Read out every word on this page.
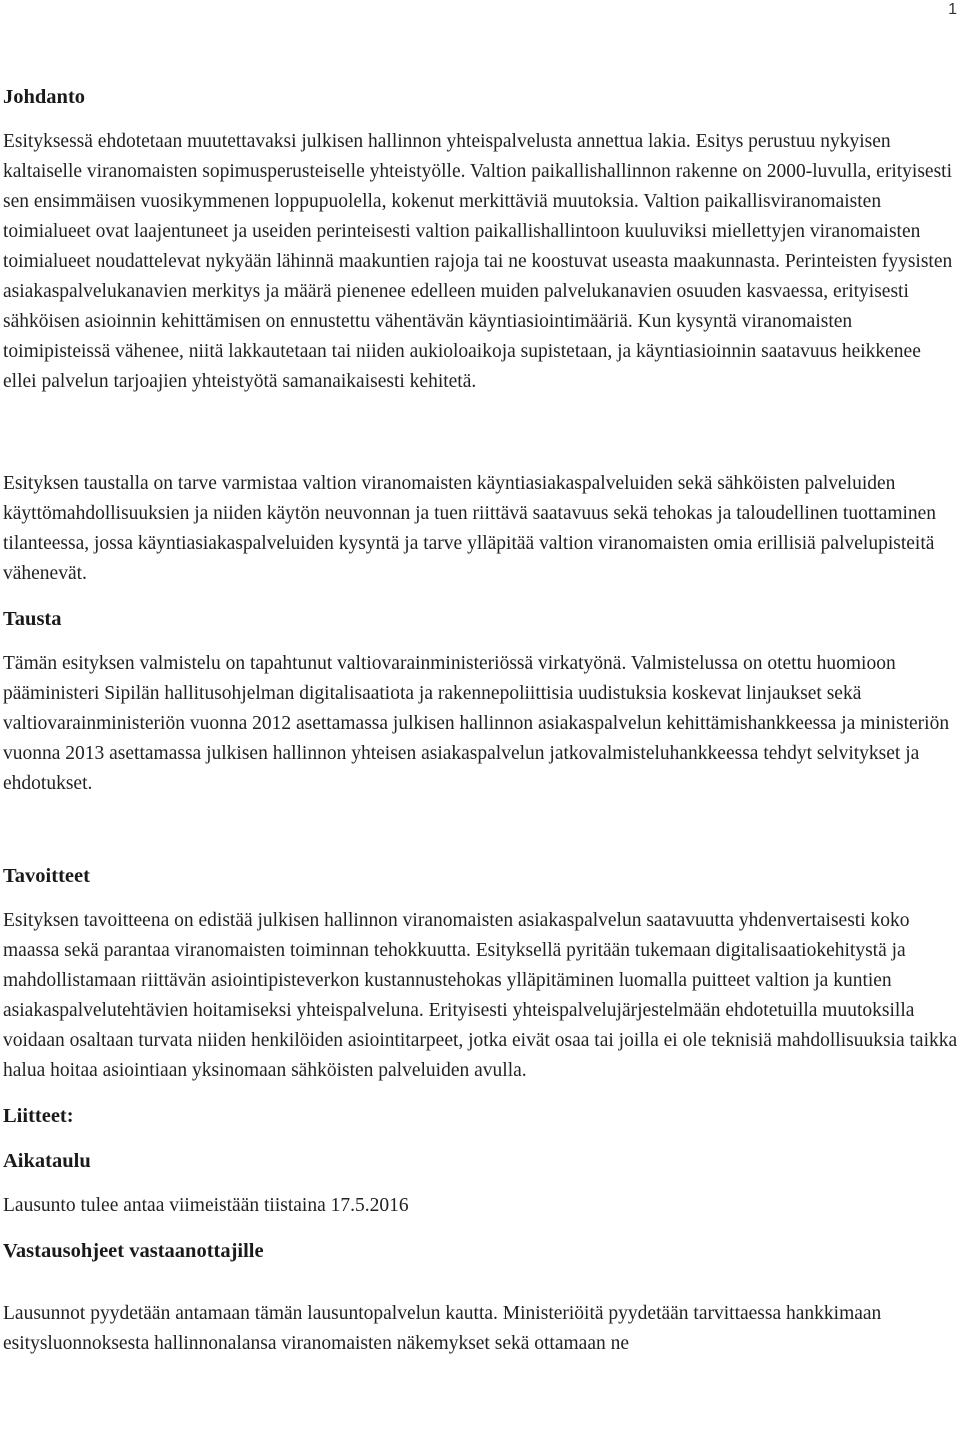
1
Johdanto

Esityksessä ehdotetaan muutettavaksi julkisen hallinnon yhteispalvelusta annettua lakia. Esitys perustuu nykyisen kaltaiselle viranomaisten sopimusperusteiselle yhteistyölle. Valtion paikallishallinnon rakenne on 2000-luvulla, erityisesti sen ensimmäisen vuosikymmenen loppupuolella, kokenut merkittäviä muutoksia. Valtion paikallisviranomaisten toimialueet ovat laajentuneet ja useiden perinteisesti valtion paikallishallintoon kuuluviksi miellettyjen viranomaisten toimialueet noudattelevat nykyään lähinnä maakuntien rajoja tai ne koostuvat useasta maakunnasta. Perinteisten fyysisten asiakaspalvelukanavien merkitys ja määrä pienenee edelleen muiden palvelukanavien osuuden kasvaessa, erityisesti sähköisen asioinnin kehittämisen on ennustettu vähentävän käyntiasiointimääriä. Kun kysyntä viranomaisten toimipisteissä vähenee, niitä lakkautetaan tai niiden aukioloaikoja supistetaan, ja käyntiasioinnin saatavuus heikkenee ellei palvelun tarjoajien yhteistyötä samanaikaisesti kehitetä.

Esityksen taustalla on tarve varmistaa valtion viranomaisten käyntiasiakaspalveluiden sekä sähköisten palveluiden käyttömahdollisuuksien ja niiden käytön neuvonnan ja tuen riittävä saatavuus sekä tehokas ja taloudellinen tuottaminen tilanteessa, jossa käyntiasiakaspalveluiden kysyntä ja tarve ylläpitää valtion viranomaisten omia erillisiä palvelupisteitä vähenevät.

Tausta

Tämän esityksen valmistelu on tapahtunut valtiovarainministeriössä virkatyönä. Valmistelussa on otettu huomioon pääministeri Sipilän hallitusohjelman digitalisaatiota ja rakennepoliittisia uudistuksia koskevat linjaukset sekä valtiovarainministeriön vuonna 2012 asettamassa julkisen hallinnon asiakaspalvelun kehittämishankkeessa ja ministeriön vuonna 2013 asettamassa julkisen hallinnon yhteisen asiakaspalvelun jatkovalmisteluhankkeessa tehdyt selvitykset ja ehdotukset.

Tavoitteet

Esityksen tavoitteena on edistää julkisen hallinnon viranomaisten asiakaspalvelun saatavuutta yhdenvertaisesti koko maassa sekä parantaa viranomaisten toiminnan tehokkuutta. Esityksellä pyritään tukemaan digitalisaatiokehitystä ja mahdollistamaan riittävän asiointipisteverkon kustannustehokas ylläpitäminen luomalla puitteet valtion ja kuntien asiakaspalvelutehtävien hoitamiseksi yhteispalveluna. Erityisesti yhteispalvelujärjestelmään ehdotetuilla muutoksilla voidaan osaltaan turvata niiden henkilöiden asiointitarpeet, jotka eivät osaa tai joilla ei ole teknisiä mahdollisuuksia taikka halua hoitaa asiointiaan yksinomaan sähköisten palveluiden avulla.

Liitteet:
Aikataulu

Lausunto tulee antaa viimeistään tiistaina 17.5.2016

Vastausohjeet vastaanottajille

Lausunnot pyydetään antamaan tämän lausuntopalvelun kautta. Ministeriöitä pyydetään tarvittaessa hankkimaan esitysluonnoksesta hallinnonalansa viranomaisten näkemykset sekä ottamaan ne
